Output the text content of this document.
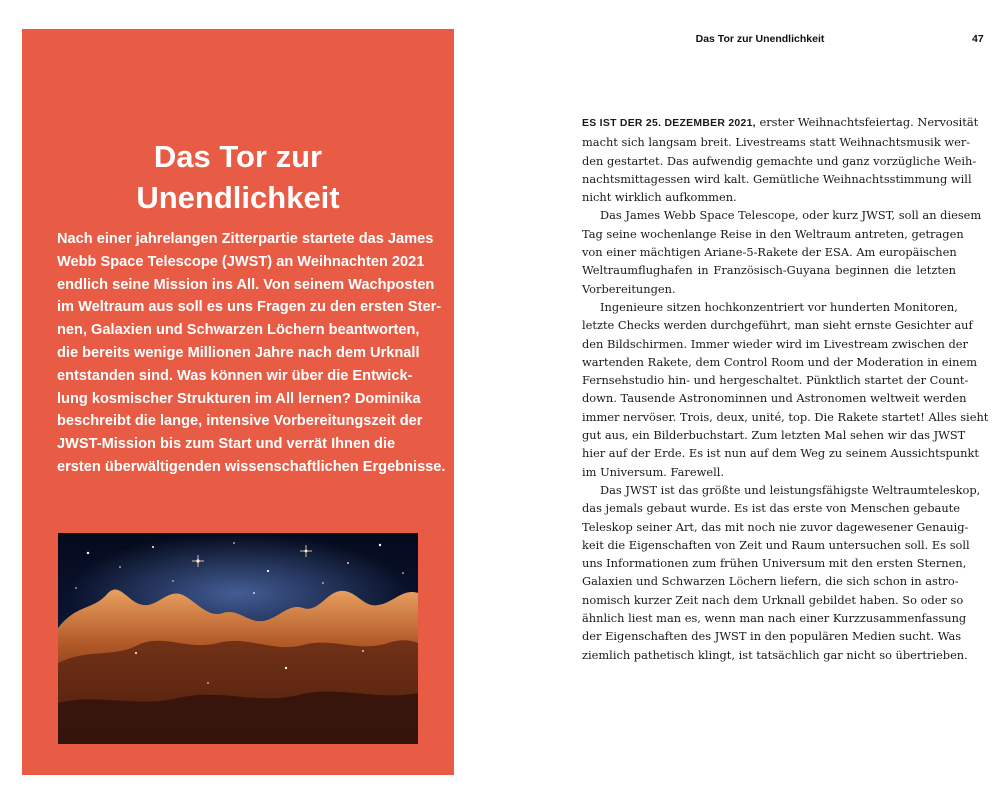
Das Tor zur
Unendlichkeit
Nach einer jahrelangen Zitterpartie startete das James
Webb Space Telescope (JWST) an Weihnachten 2021
endlich seine Mission ins All. Von seinem Wachposten
im Weltraum aus soll es uns Fragen zu den ersten Ster-
nen, Galaxien und Schwarzen Löchern beantworten,
die bereits wenige Millionen Jahre nach dem Urknall
entstanden sind. Was können wir über die Entwick-
lung kosmischer Strukturen im All lernen? Dominika
beschreibt die lange, intensive Vorbereitungszeit der
JWST-Mission bis zum Start und verrät Ihnen die
ersten überwältigenden wissenschaftlichen Ergebnisse.
Das Tor zur Unendlichkeit	47
ES IST DER 25. DEZEMBER 2021, erster Weihnachtsfeiertag. Nervosität
macht sich langsam breit. Livestreams statt Weihnachtsmusik wer-
den gestartet. Das aufwendig gemachte und ganz vorzügliche Weih-
nachtsmittagessen wird kalt. Gemütliche Weihnachtsstimmung will
nicht wirklich aufkommen.
Das James Webb Space Telescope, oder kurz JWST, soll an diesem
Tag seine wochenlange Reise in den Weltraum antreten, getragen
von einer mächtigen Ariane-5-Rakete der ESA. Am europäischen
Weltraumflughafen in Französisch-Guyana beginnen die letzten
Vorbereitungen.
Ingenieure sitzen hochkonzentriert vor hunderten Monitoren,
letzte Checks werden durchgeführt, man sieht ernste Gesichter auf
den Bildschirmen. Immer wieder wird im Livestream zwischen der
wartenden Rakete, dem Control Room und der Moderation in einem
Fernsehstudio hin- und hergeschaltet. Pünktlich startet der Count-
down. Tausende Astronominnen und Astronomen weltweit werden
immer nervöser. Trois, deux, unité, top. Die Rakete startet! Alles sieht
gut aus, ein Bilderbuchstart. Zum letzten Mal sehen wir das JWST
hier auf der Erde. Es ist nun auf dem Weg zu seinem Aussichtspunkt
im Universum. Farewell.
Das JWST ist das größte und leistungsfähigste Weltraumteleskop,
das jemals gebaut wurde. Es ist das erste von Menschen gebaute
Teleskop seiner Art, das mit noch nie zuvor dagewesener Genauig-
keit die Eigenschaften von Zeit und Raum untersuchen soll. Es soll
uns Informationen zum frühen Universum mit den ersten Sternen,
Galaxien und Schwarzen Löchern liefern, die sich schon in astro-
nomisch kurzer Zeit nach dem Urknall gebildet haben. So oder so
ähnlich liest man es, wenn man nach einer Kurzzusammenfassung
der Eigenschaften des JWST in den populären Medien sucht. Was
ziemlich pathetisch klingt, ist tatsächlich gar nicht so übertrieben.
